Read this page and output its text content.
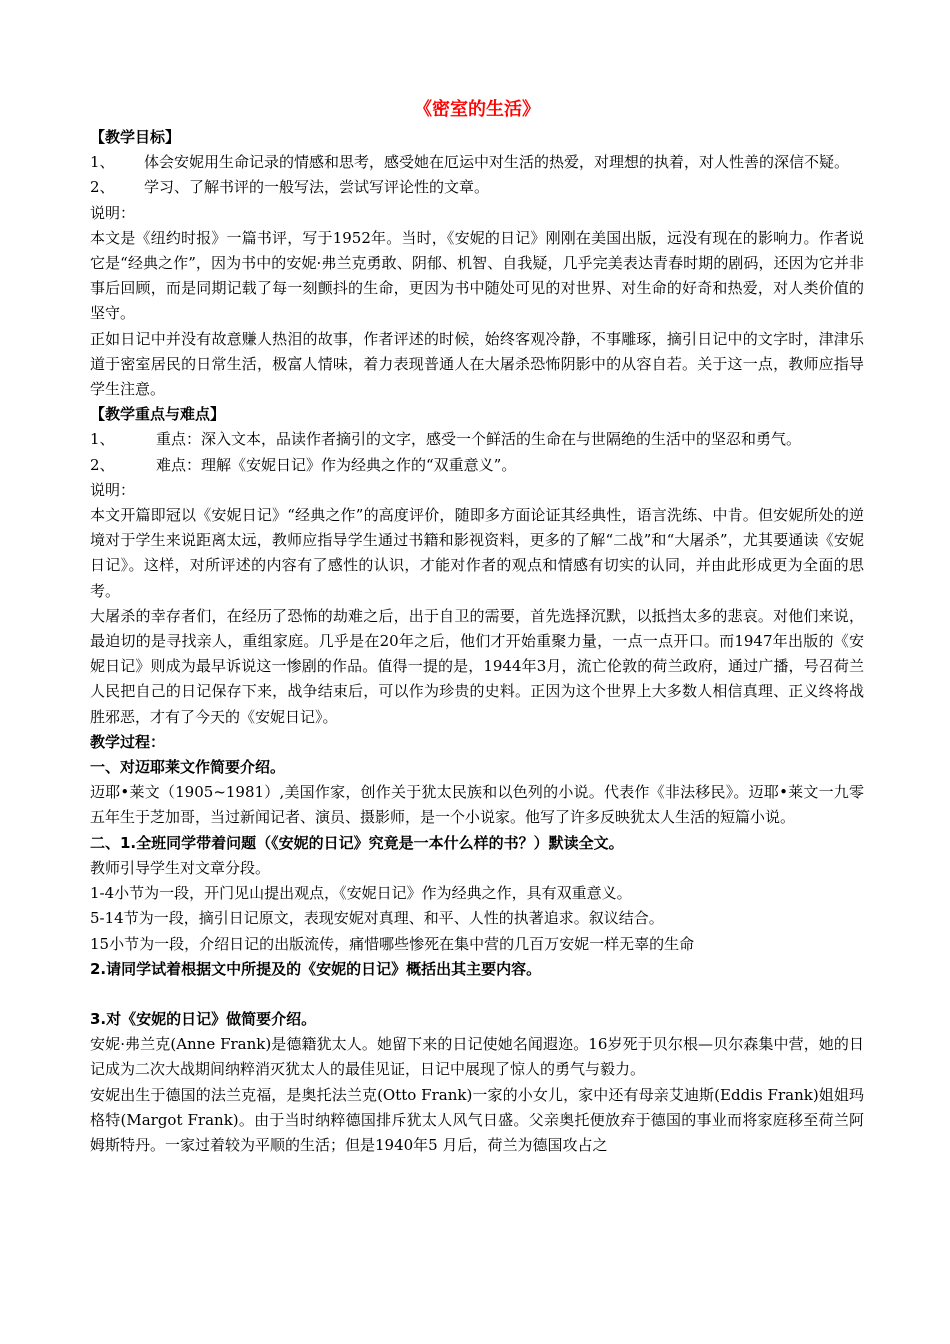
《密室的生活》

【教学目标】

1、 体会安妮用生命记录的情感和思考，感受她在厄运中对生活的热爱，对理想的执着，对人性善的深信不疑。

2、 学习、了解书评的一般写法，尝试写评论性的文章。

说明：

本文是《纽约时报》一篇书评，写于1952年。当时，《安妮的日记》刚刚在美国出版，远没有现在的影响力。作者说它是“经典之作”，因为书中的安妮·弗兰克勇敢、阴郁、机智、自我疑，几乎完美表达青春时期的剧码，还因为它并非事后回顾，而是同期记载了每一刻颤抖的生命，更因为书中随处可见的对世界、对生命的好奇和热爱，对人类价值的坚守。

正如日记中并没有故意赚人热泪的故事，作者评述的时候，始终客观冷静，不事雕琢，摘引日记中的文字时，津津乐道于密室居民的日常生活，极富人情味，着力表现普通人在大屠杀恐怖阴影中的从容自若。关于这一点，教师应指导学生注意。

【教学重点与难点】

1、	重点：深入文本，品读作者摘引的文字，感受一个鲜活的生命在与世隔绝的生活中的坚忍和勇气。

2、	难点：理解《安妮日记》作为经典之作的“双重意义”。

说明：

本文开篇即冠以《安妮日记》“经典之作”的高度评价，随即多方面论证其经典性，语言洗练、中肯。但安妮所处的逆境对于学生来说距离太远，教师应指导学生通过书籍和影视资料，更多的了解“二战”和“大屠杀”，尤其要通读《安妮日记》。这样，对所评述的内容有了感性的认识，才能对作者的观点和情感有切实的认同，并由此形成更为全面的思考。

大屠杀的幸存者们，在经历了恐怖的劫难之后，出于自卫的需要，首先选择沉默，以抵挡太多的悲哀。对他们来说，最迫切的是寻找亲人，重组家庭。几乎是在20年之后，他们才开始重聚力量，一点一点开口。而1947年出版的《安妮日记》则成为最早诉说这一惨剧的作品。值得一提的是，1944年3月，流亡伦敦的荷兰政府，通过广播，号召荷兰人民把自己的日记保存下来，战争结束后，可以作为珍贵的史料。正因为这个世界上大多数人相信真理、正义终将战胜邪恶，才有了今天的《安妮日记》。

教学过程：

一、对迈耶莱文作简要介绍。

迈耶•莱文（1905~1981）,美国作家，创作关于犹太民族和以色列的小说。代表作《非法移民》。迈耶•莱文一九零五年生于芝加哥，当过新闻记者、演员、摄影师，是一个小说家。他写了许多反映犹太人生活的短篇小说。

二、1.全班同学带着问题（《安妮的日记》究竟是一本什么样的书？）默读全文。

教师引导学生对文章分段。

1-4小节为一段，开门见山提出观点，《安妮日记》作为经典之作，具有双重意义。

5-14节为一段，摘引日记原文，表现安妮对真理、和平、人性的执著追求。叙议结合。

15小节为一段，介绍日记的出版流传，痛惜哪些惨死在集中营的几百万安妮一样无辜的生命

2.请同学试着根据文中所提及的《安妮的日记》概括出其主要内容。

3.对《安妮的日记》做简要介绍。

安妮·弗兰克(Anne Frank)是德籍犹太人。她留下来的日记使她名闻遐迩。16岁死于贝尔根—贝尔森集中营，她的日记成为二次大战期间纳粹消灭犹太人的最佳见证，日记中展现了惊人的勇气与毅力。

安妮出生于德国的法兰克福，是奥托法兰克(Otto Frank)一家的小女儿，家中还有母亲艾迪斯(Eddis Frank)姐姐玛格特(Margot Frank)。由于当时纳粹德国排斥犹太人风气日盛。父亲奥托便放弃于德国的事业而将家庭移至荷兰阿姆斯特丹。一家过着较为平顺的生活；但是1940年5 月后，荷兰为德国攻占之
